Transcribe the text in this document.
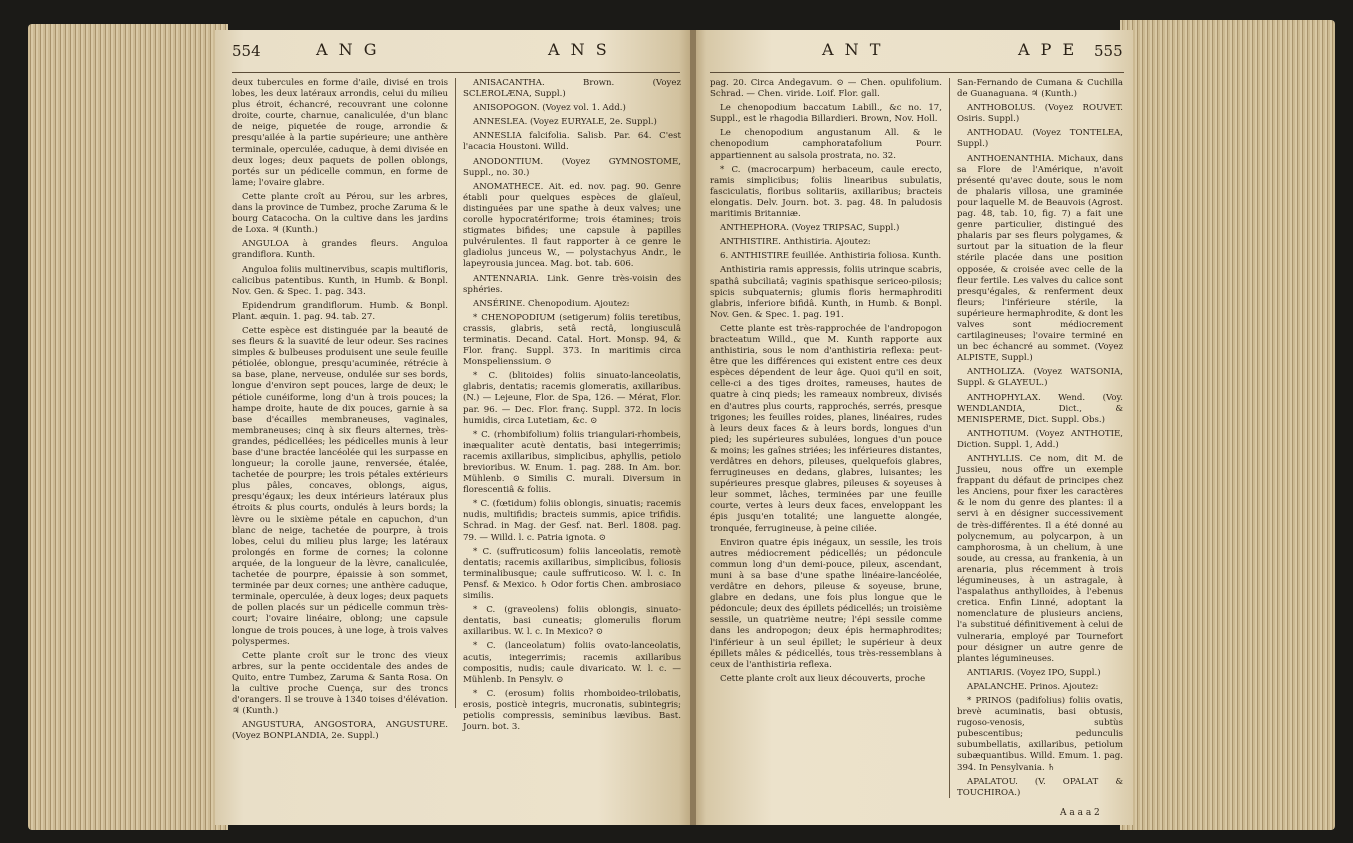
554	A N G	A N S

deux tubercules en forme d'aile, divisé en trois lobes, les deux latéraux arrondis, celui du milieu plus étroit, échancré, recouvrant une colonne droite, courte, charnue, canaliculée, d'un blanc de neige, piquetée de rouge, arrondie & presqu'ailée à la partie supérieure; une anthère terminale, operculée, caduque, à demi divisée en deux loges; deux paquets de pollen oblongs, portés sur un pédicelle commun, en forme de lame; l'ovaire glabre.

Cette plante croît au Pérou, sur les arbres, dans la province de Tumbez, proche Zaruma & le bourg Catacocha. On la cultive dans les jardins de Loxa. ♃ (Kunth.)

ANGULOA à grandes fleurs. Anguloa grandiflora. Kunth.

Anguloa foliis multinervibus, scapis multifloris, calicibus patentibus. Kunth, in Humb. & Bonpl. Nov. Gen. & Spec. 1. pag. 343.

Epidendrum grandiflorum. Humb. & Bonpl. Plant. æquin. 1. pag. 94. tab. 27.

Cette espèce est distinguée par la beauté de ses fleurs & la suavité de leur odeur. Ses racines simples & bulbeuses produisent une seule feuille pétiolée, oblongue, presqu'acuminée, rétrécie à sa base, plane, nerveuse, ondulée sur ses bords, longue d'environ sept pouces, large de deux; le pétiole cunéiforme, long d'un à trois pouces; la hampe droite, haute de dix pouces, garnie à sa base d'écailles membraneuses, vaginales, membraneuses; cinq à six fleurs alternes, très-grandes, pédicellées; les pédicelles munis à leur base d'une bractée lancéolée qui les surpasse en longueur; la corolle jaune, renversée, étalée, tachetée de pourpre; les trois pétales extérieurs plus pâles, concaves, oblongs, aigus, presqu'égaux; les deux intérieurs latéraux plus étroits & plus courts, ondulés à leurs bords; la lèvre ou le sixième pétale en capuchon, d'un blanc de neige, tachetée de pourpre, à trois lobes, celui du milieu plus large; les latéraux prolongés en forme de cornes; la colonne arquée, de la longueur de la lèvre, canaliculée, tachetée de pourpre, épaissie à son sommet, terminée par deux cornes; une anthère caduque, terminale, operculée, à deux loges; deux paquets de pollen placés sur un pédicelle commun très-court; l'ovaire linéaire, oblong; une capsule longue de trois pouces, à une loge, à trois valves polyspermes.

Cette plante croît sur le tronc des vieux arbres, sur la pente occidentale des andes de Quito, entre Tumbez, Zaruma & Santa Rosa. On la cultive proche Cuença, sur des troncs d'orangers. Il se trouve à 1340 toises d'élévation. ♃ (Kunth.)

ANGUSTURA, ANGOSTORA, ANGUSTURE. (Voyez BONPLANDIA, 2e. Suppl.)

ANISACANTHA. Brown. (Voyez SCLEROLÆNA, Suppl.)

ANISOPOGON. (Voyez vol. 1. Add.)

ANNESLEA. (Voyez EURYALE, 2e. Suppl.)

ANNESLIA falcifolia. Salisb. Par. 64. C'est l'acacia Houstoni. Willd.

ANODONTIUM. (Voyez GYMNOSTOME, Suppl., no. 30.)

ANOMATHECE. Ait. ed. nov. pag. 90. Genre établi pour quelques espèces de glaïeul, distinguées par une spathe à deux valves; une corolle hypocratériforme; trois étamines; trois stigmates bifides; une capsule à papilles pulvérulentes. Il faut rapporter à ce genre le gladiolus junceus W., — polystachyus Andr., le lapeyrousia juncea. Mag. bot. tab. 606.

ANTENNARIA. Link. Genre très-voisin des sphéries.

ANSÉRINE. Chenopodium. Ajoutez:

* CHENOPODIUM (setigerum) foliis teretibus, crassis, glabris, setâ rectâ, longiusculâ terminatis. Decand. Catal. Hort. Monsp. 94, & Flor. franç. Suppl. 373. In maritimis circa Monspelienssium. ⊙

* C. (blitoides) foliis sinuato-lanceolatis, glabris, dentatis; racemis glomeratis, axillaribus. (N.) — Lejeune, Flor. de Spa, 126. — Mérat, Flor. par. 96. — Dec. Flor. franç. Suppl. 372. In locis humidis, circa Lutetiam, &c. ⊙

* C. (rhombifolium) foliis triangulari-rhombeis, inæqualiter acutè dentatis, basi integerrimis; racemis axillaribus, simplicibus, aphyllis, petiolo brevioribus. W. Enum. 1. pag. 288. In Am. bor. Mühlenb. ⊙ Similis C. murali. Diversum in florescentiâ & foliis.

* C. (fœtidum) foliis oblongis, sinuatis; racemis nudis, multifidis; bracteis summis, apice trifidis. Schrad. in Mag. der Gesf. nat. Berl. 1808. pag. 79. — Willd. l. c. Patria ignota. ⊙

* C. (suffruticosum) foliis lanceolatis, remotè dentatis; racemis axillaribus, simplicibus, foliosis terminalibusque; caule suffruticoso. W. l. c. In Pensf. & Mexico. ♄ Odor fortis Chen. ambrosiaco similis.

* C. (graveolens) foliis oblongis, sinuato-dentatis, basi cuneatis; glomerulis florum axillaribus. W. l. c. In Mexico? ⊙

* C. (lanceolatum) foliis ovato-lanceolatis, acutis, integerrimis; racemis axillaribus compositis, nudis; caule divaricato. W. l. c. — Mühlenb. In Pensylv. ⊙

* C. (erosum) foliis rhomboideo-trilobatis, erosis, posticè integris, mucronatis, subintegris; petiolis compressis, seminibus lævibus. Bast. Journ. bot. 3.

A N T	A P E 555

pag. 20. Circa Andegavum. ⊙ — Chen. opulifolium. Schrad. — Chen. viride. Loif. Flor. gall.

Le chenopodium baccatum Labill., &c no. 17, Suppl., est le rhagodia Billardieri. Brown, Nov. Holl.

Le chenopodium angustanum All. & le chenopodium camphoratafolium Pourr. appartiennent au salsola prostrata, no. 32.

* C. (macrocarpum) herbaceum, caule erecto, ramis simplicibus; foliis linearibus subulatis, fasciculatis, floribus solitariis, axillaribus; bracteis elongatis. Delv. Journ. bot. 3. pag. 48. In paludosis maritimis Britanniæ.

ANTHEPHORA. (Voyez TRIPSAC, Suppl.)

ANTHISTIRE. Anthistiria. Ajoutez:

6. ANTHISTIRE feuillée. Anthistiria foliosa. Kunth.

Anthistiria ramis appressis, foliis utrinque scabris, spathâ subciliatâ; vaginis spathisque sericeo-pilosis; spicis subquaternis; glumis floris hermaphroditi glabris, inferiore bifidâ. Kunth, in Humb. & Bonpl. Nov. Gen. & Spec. 1. pag. 191.

Cette plante est très-rapprochée de l'andropogon bracteatum Willd., que M. Kunth rapporte aux anthistiria, sous le nom d'anthistiria reflexa: peut-être que les différences qui existent entre ces deux espèces dépendent de leur âge. Quoi qu'il en soit, celle-ci a des tiges droites, rameuses, hautes de quatre à cinq pieds; les rameaux nombreux, divisés en d'autres plus courts, rapprochés, serrés, presque trigones; les feuilles roides, planes, linéaires, rudes à leurs deux faces & à leurs bords, longues d'un pied; les supérieures subulées, longues d'un pouce & moins; les gaînes striées; les inférieures distantes, verdâtres en dehors, pileuses, quelquefois glabres, ferrugineuses en dedans, glabres, luisantes; les supérieures presque glabres, pileuses & soyeuses à leur sommet, lâches, terminées par une feuille courte, vertes à leurs deux faces, enveloppant les épis jusqu'en totalité; une languette alongée, tronquée, ferrugineuse, à peine ciliée.

Environ quatre épis inégaux, un sessile, les trois autres médiocrement pédicellés; un pédoncule commun long d'un demi-pouce, pileux, ascendant, muni à sa base d'une spathe linéaire-lancéolée, verdâtre en dehors, pileuse & soyeuse, brune, glabre en dedans, une fois plus longue que le pédoncule; deux des épillets pédicellés; un troisième sessile, un quatrième neutre; l'épi sessile comme dans les andropogon; deux épis hermaphrodites; l'inférieur à un seul épillet; le supérieur à deux épillets mâles & pédicellés, tous très-ressemblans à ceux de l'anthistiria reflexa.

Cette plante croît aux lieux découverts, proche

San-Fernando de Cumana & Cuchilla de Guanaguana. ♃ (Kunth.)

ANTHOBOLUS. (Voyez ROUVET. Osiris. Suppl.)

ANTHODAU. (Voyez TONTELEA, Suppl.)

ANTHOENANTHIA. Michaux, dans sa Flore de l'Amérique, n'avoit présenté qu'avec doute, sous le nom de phalaris villosa, une graminée pour laquelle M. de Beauvois (Agrost. pag. 48, tab. 10, fig. 7) a fait une genre particulier, distingué des phalaris par ses fleurs polygames, & surtout par la situation de la fleur stérile placée dans une position opposée, & croisée avec celle de la fleur fertile. Les valves du calice sont presqu'égales, & renferment deux fleurs; l'inférieure stérile, la supérieure hermaphrodite, & dont les valves sont médiocrement cartilagineuses; l'ovaire terminé en un bec échancré au sommet. (Voyez ALPISTE, Suppl.)

ANTHOLIZA. (Voyez WATSONIA, Suppl. & GLAYEUL.)

ANTHOPHYLAX. Wend. (Voy. WENDLANDIA, Dict., & MENISPERME, Dict. Suppl. Obs.)

ANTHOTIUM. (Voyez ANTHOTIE, Diction. Suppl. 1, Add.)

ANTHYLLIS. Ce nom, dit M. de Jussieu, nous offre un exemple frappant du défaut de principes chez les Anciens, pour fixer les caractères & le nom du genre des plantes: il a servi à en désigner successivement de très-différentes. Il a été donné au polycnemum, au polycarpon, à un camphorosma, à un chelium, à une soude, au cressa, au frankenia, à un arenaria, plus récemment à trois légumineuses, à un astragale, à l'aspalathus anthylloides, à l'ebenus cretica. Enfin Linné, adoptant la nomenclature de plusieurs anciens, l'a substitué définitivement à celui de vulneraria, employé par Tournefort pour désigner un autre genre de plantes légumineuses.

ANTIARIS. (Voyez IPO, Suppl.)

APALANCHE. Prinos. Ajoutez:

* PRINOS (padifolius) foliis ovatis, brevè acuminatis, basi obtusis, rugoso-venosis, subtùs pubescentibus; pedunculis subumbellatis, axillaribus, petiolum subæquantibus. Willd. Emum. 1. pag. 394. In Pensylvania. ♄

APALATOU. (V. OPALAT & TOUCHIROA.)

A a a a 2
